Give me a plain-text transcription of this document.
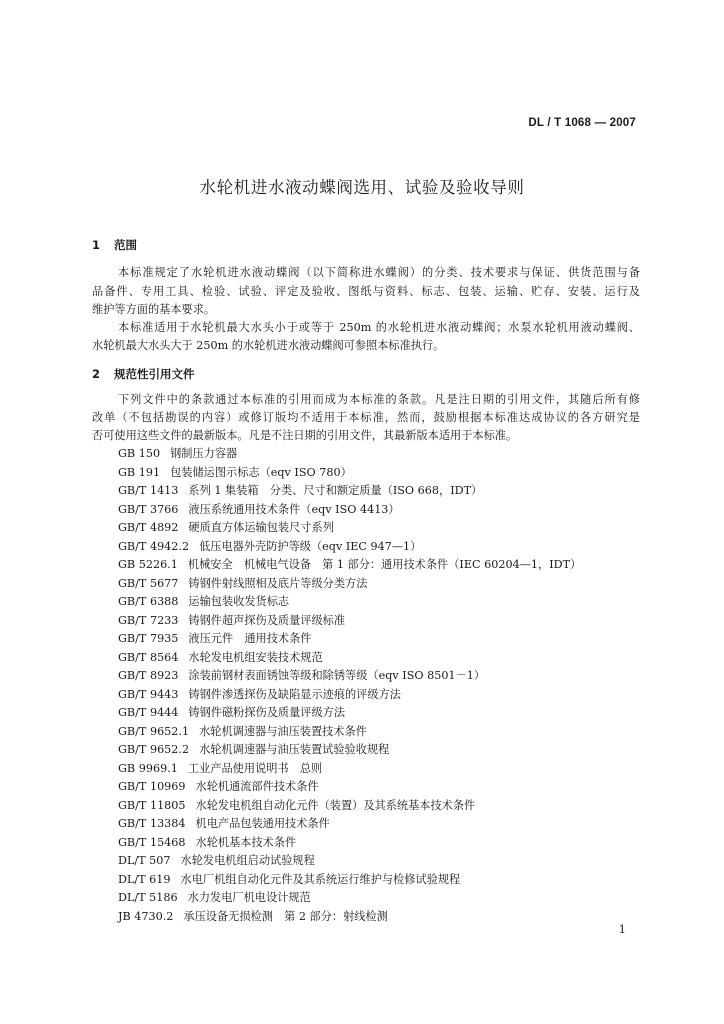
DL / T 1068 — 2007
水轮机进水液动蝶阀选用、试验及验收导则
1 范围
本标准规定了水轮机进水液动蝶阀（以下简称进水蝶阀）的分类、技术要求与保证、供货范围与备
品备件、专用工具、检验、试验、评定及验收、图纸与资料、标志、包装、运输、贮存、安装、运行及
维护等方面的基本要求。
本标准适用于水轮机最大水头小于或等于 250m 的水轮机进水液动蝶阀；水泵水轮机用液动蝶阀、
水轮机最大水头大于 250m 的水轮机进水液动蝶阀可参照本标准执行。
2 规范性引用文件
下列文件中的条款通过本标准的引用而成为本标准的条款。凡是注日期的引用文件，其随后所有修
改单（不包括勘误的内容）或修订版均不适用于本标准，然而，鼓励根据本标准达成协议的各方研究是
否可使用这些文件的最新版本。凡是不注日期的引用文件，其最新版本适用于本标准。
GB 150 钢制压力容器
GB 191 包装储运图示标志（eqv ISO 780）
GB/T 1413 系列 1 集装箱　分类、尺寸和额定质量（ISO 668，IDT）
GB/T 3766 液压系统通用技术条件（eqv ISO 4413）
GB/T 4892 硬质直方体运输包装尺寸系列
GB/T 4942.2 低压电器外壳防护等级（eqv IEC 947—1）
GB 5226.1 机械安全　机械电气设备　第 1 部分：通用技术条件（IEC 60204—1，IDT）
GB/T 5677 铸钢件射线照相及底片等级分类方法
GB/T 6388 运输包装收发货标志
GB/T 7233 铸钢件超声探伤及质量评级标准
GB/T 7935 液压元件　通用技术条件
GB/T 8564 水轮发电机组安装技术规范
GB/T 8923 涂装前钢材表面锈蚀等级和除锈等级（eqv ISO 8501－1）
GB/T 9443 铸钢件渗透探伤及缺陷显示迹痕的评级方法
GB/T 9444 铸钢件磁粉探伤及质量评级方法
GB/T 9652.1 水轮机调速器与油压装置技术条件
GB/T 9652.2 水轮机调速器与油压装置试验验收规程
GB 9969.1 工业产品使用说明书　总则
GB/T 10969 水轮机通流部件技术条件
GB/T 11805 水轮发电机组自动化元件（装置）及其系统基本技术条件
GB/T 13384 机电产品包装通用技术条件
GB/T 15468 水轮机基本技术条件
DL/T 507 水轮发电机组启动试验规程
DL/T 619 水电厂机组自动化元件及其系统运行维护与检修试验规程
DL/T 5186 水力发电厂机电设计规范
JB 4730.2 承压设备无损检测　第 2 部分：射线检测
1
